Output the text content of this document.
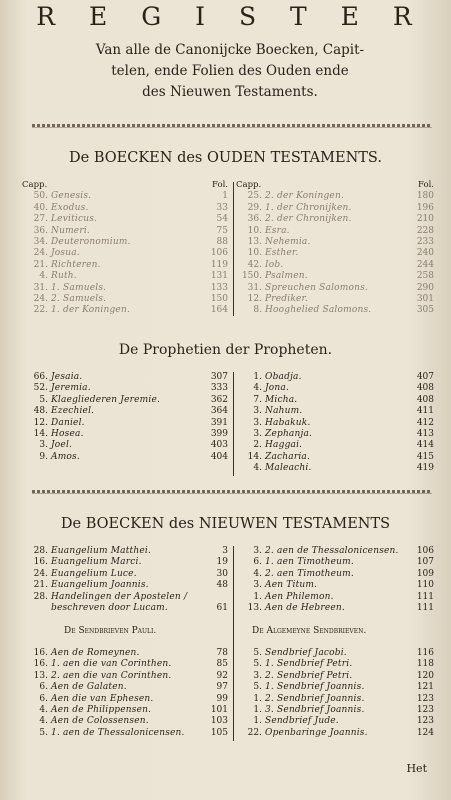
R E G I S T E R
Van alle de Canonijcke Boecken, Capit-
telen, ende Folien des Ouden ende
des Nieuwen Testaments.
De BOECKEN des OUDEN TESTAMENTS.
Capp.	Fol.
50. Genesis.	1
40. Exodus.	33
27. Leviticus.	54
36. Numeri.	75
34. Deuteronomium.	88
24. Josua.	106
21. Richteren.	119
4. Ruth.	131
31. 1. Samuels.	133
24. 2. Samuels.	150
22. 1. der Koningen.	164
Capp.	Fol.
25. 2. der Koningen.	180
29. 1. der Chronijken.	196
36. 2. der Chronijken.	210
10. Esra.	228
13. Nehemia.	233
10. Esther.	240
42. Iob.	244
150. Psalmen.	258
31. Spreuchen Salomons.	290
12. Prediker.	301
8. Hooghelied Salomons.	305
De Prophetien der Propheten.
66. Jesaia.	307
52. Jeremia.	333
5. Klaegliederen Jeremie.	362
48. Ezechiel.	364
12. Daniel.	391
14. Hosea.	399
3. Joel.	403
9. Amos.	404
1. Obadja.	407
4. Jona.	408
7. Micha.	408
3. Nahum.	411
3. Habakuk.	412
3. Zephanja.	413
2. Haggai.	414
14. Zacharia.	415
4. Maleachi.	419
De BOECKEN des NIEUWEN TESTAMENTS
28. Euangelium Matthei.	3
16. Euangelium Marci.	19
24. Euangelium Luce.	30
21. Euangelium Joannis.	48
28. Handelingen der Apostelen /
beschreven door Lucam.	61
3. 2. aen de Thessalonicensen.	106
6. 1. aen Timotheum.	107
4. 2. aen Timotheum.	109
3. Aen Titum.	110
1. Aen Philemon.	111
13. Aen de Hebreen.	111
De Sendbrieven Pauli.	De Algemeyne Sendbrieven.
16. Aen de Romeynen.	78
16. 1. aen die van Corinthen.	85
13. 2. aen die van Corinthen.	92
6. Aen de Galaten.	97
6. Aen die van Ephesen.	99
4. Aen de Philippensen.	101
4. Aen de Colossensen.	103
5. 1. aen de Thessalonicensen.	105
5. Sendbrief Jacobi.	116
5. 1. Sendbrief Petri.	118
3. 2. Sendbrief Petri.	120
5. 1. Sendbrief Joannis.	121
1. 2. Sendbrief Joannis.	123
1. 3. Sendbrief Joannis.	123
1. Sendbrief Jude.	123
22. Openbaringe Joannis.	124
Het
